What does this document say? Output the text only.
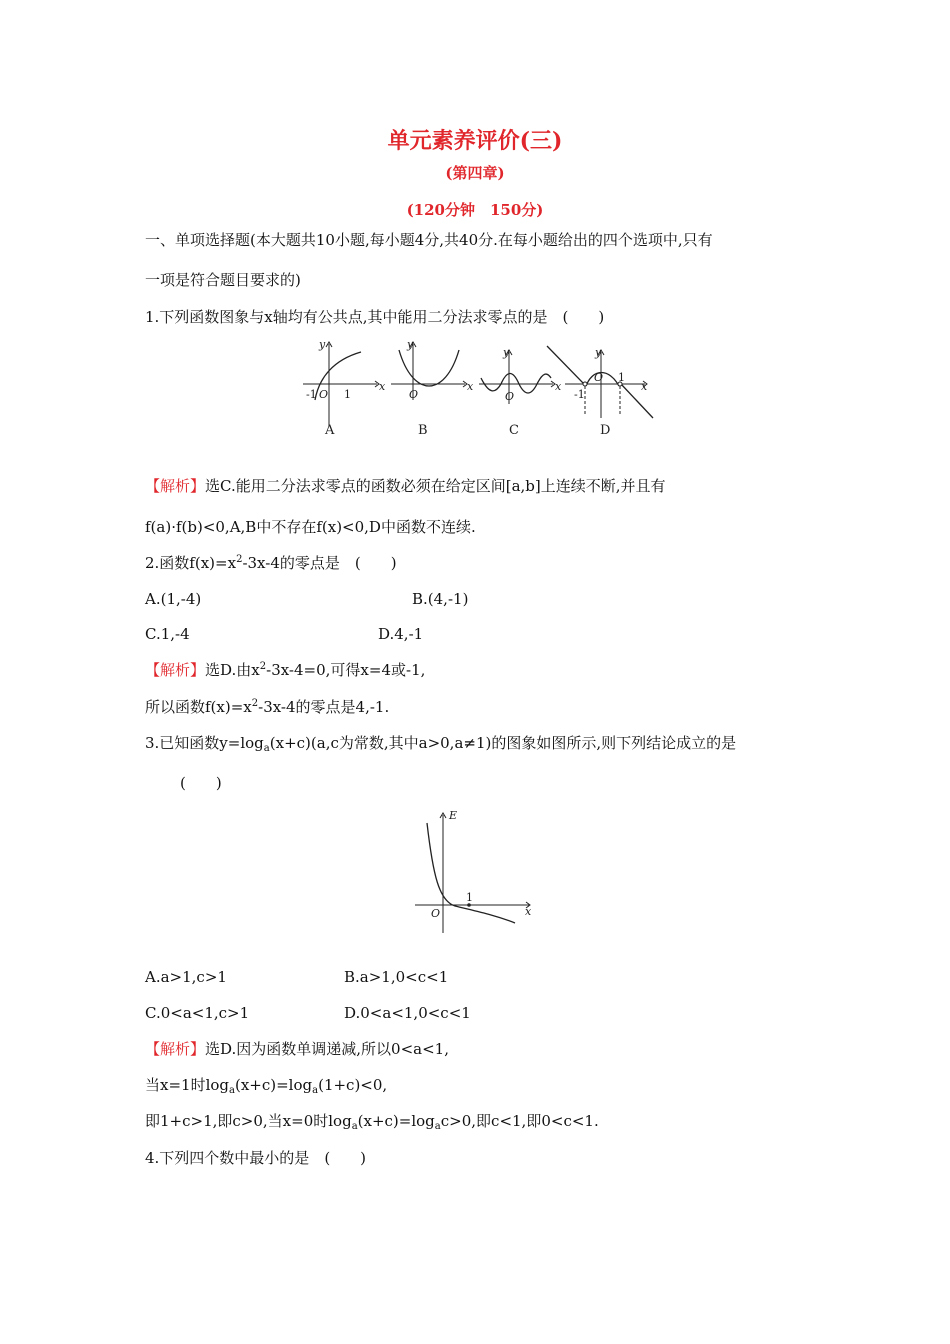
单元素养评价(三)
(第四章)
(120分钟　150分)
一、单项选择题(本大题共10小题,每小题4分,共40分.在每小题给出的四个选项中,只有
一项是符合题目要求的)
1.下列函数图象与x轴均有公共点,其中能用二分法求零点的是　(　　)
y
x
O
-1 1
y
x
O
y
x
O
y
x
O
-1
1
A	B	C	D
【解析】选C.能用二分法求零点的函数必须在给定区间[a,b]上连续不断,并且有
f(a)·f(b)<0,A,B中不存在f(x)<0,D中函数不连续.
2.函数$f(x)=x^2-3x-4$的零点是　(　　)
A.(1,-4)	B.(4,-1)
C.1,-4	D.4,-1
【解析】选D.由$x^2-3x-4=0$,可得x=4或-1,
所以函数$f(x)=x^2-3x-4$的零点是4,-1.
3.已知函数$y=\log_a(x+c)(a,c$为常数,其中a>0,a≠1)的图象如图所示,则下列结论成立的是
(　　)
E
x
O
1
A.a>1,c>1	B.a>1,0<c<1
C.0<a<1,c>1	D.0<a<1,0<c<1
【解析】选D.因为函数单调递减,所以0<a<1,
当x=1时$\log_a(x+c)=\log_a(1+c)<0$,
即1+c>1,即c>0,当x=0时$\log_a(x+c)=\log_ac>0$,即c<1,即0<c<1.
4.下列四个数中最小的是　(　　)
